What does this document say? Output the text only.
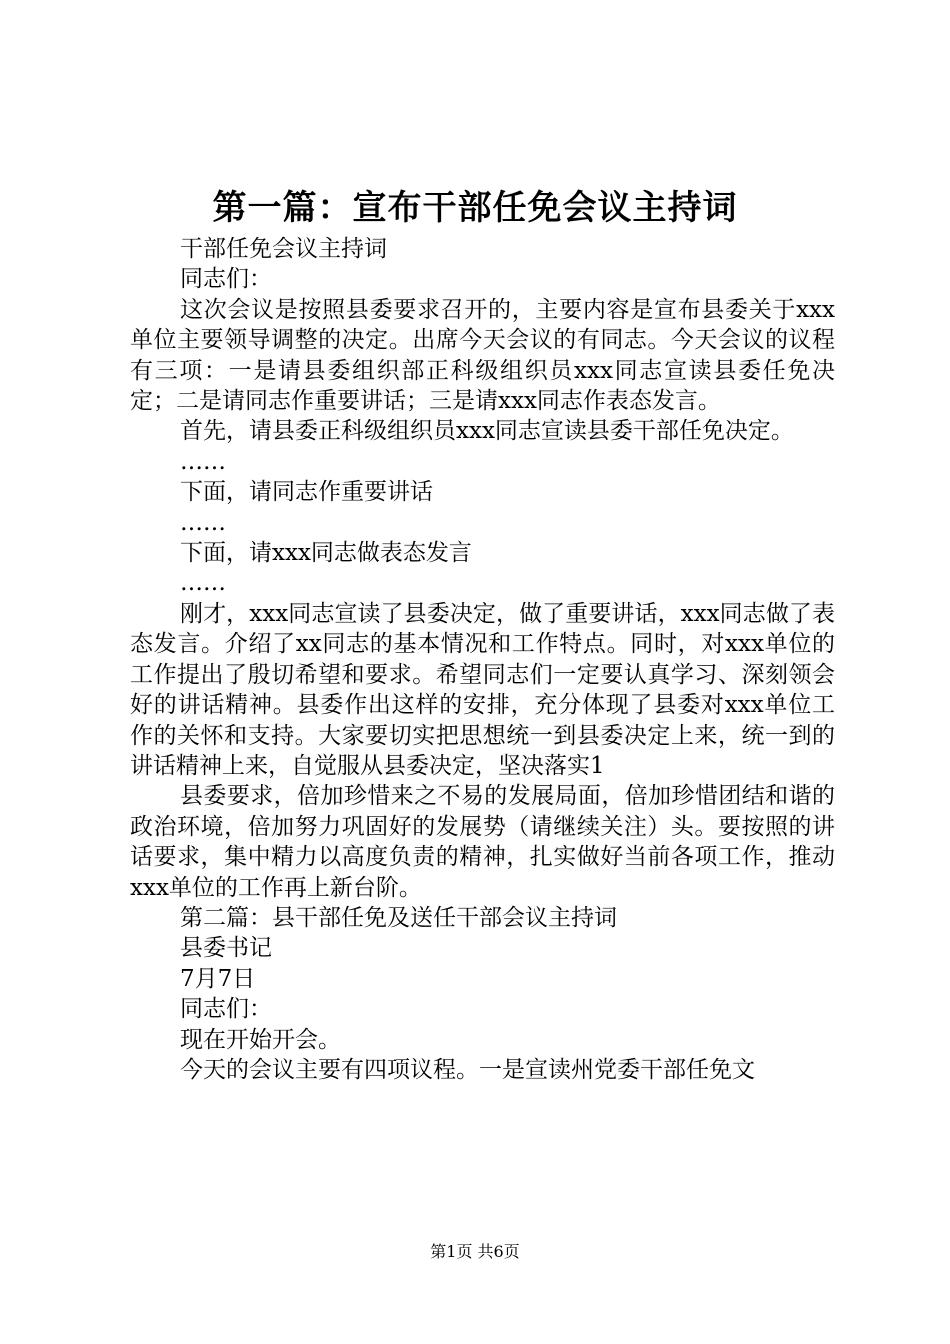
第一篇：宣布干部任免会议主持词

干部任免会议主持词

同志们：

这次会议是按照县委要求召开的，主要内容是宣布县委关于xxx单位主要领导调整的决定。出席今天会议的有同志。今天会议的议程有三项：一是请县委组织部正科级组织员xxx同志宣读县委任免决定；二是请同志作重要讲话；三是请xxx同志作表态发言。

首先，请县委正科级组织员xxx同志宣读县委干部任免决定。

……

下面，请同志作重要讲话

……

下面，请xxx同志做表态发言

……

刚才，xxx同志宣读了县委决定，做了重要讲话，xxx同志做了表态发言。介绍了xx同志的基本情况和工作特点。同时，对xxx单位的工作提出了殷切希望和要求。希望同志们一定要认真学习、深刻领会好的讲话精神。县委作出这样的安排，充分体现了县委对xxx单位工作的关怀和支持。大家要切实把思想统一到县委决定上来，统一到的讲话精神上来，自觉服从县委决定，坚决落实1

县委要求，倍加珍惜来之不易的发展局面，倍加珍惜团结和谐的政治环境，倍加努力巩固好的发展势（请继续关注）头。要按照的讲话要求，集中精力以高度负责的精神，扎实做好当前各项工作，推动xxx单位的工作再上新台阶。

第二篇：县干部任免及送任干部会议主持词

县委书记

7月7日

同志们：

现在开始开会。

今天的会议主要有四项议程。一是宣读州党委干部任免文

第1页 共6页
